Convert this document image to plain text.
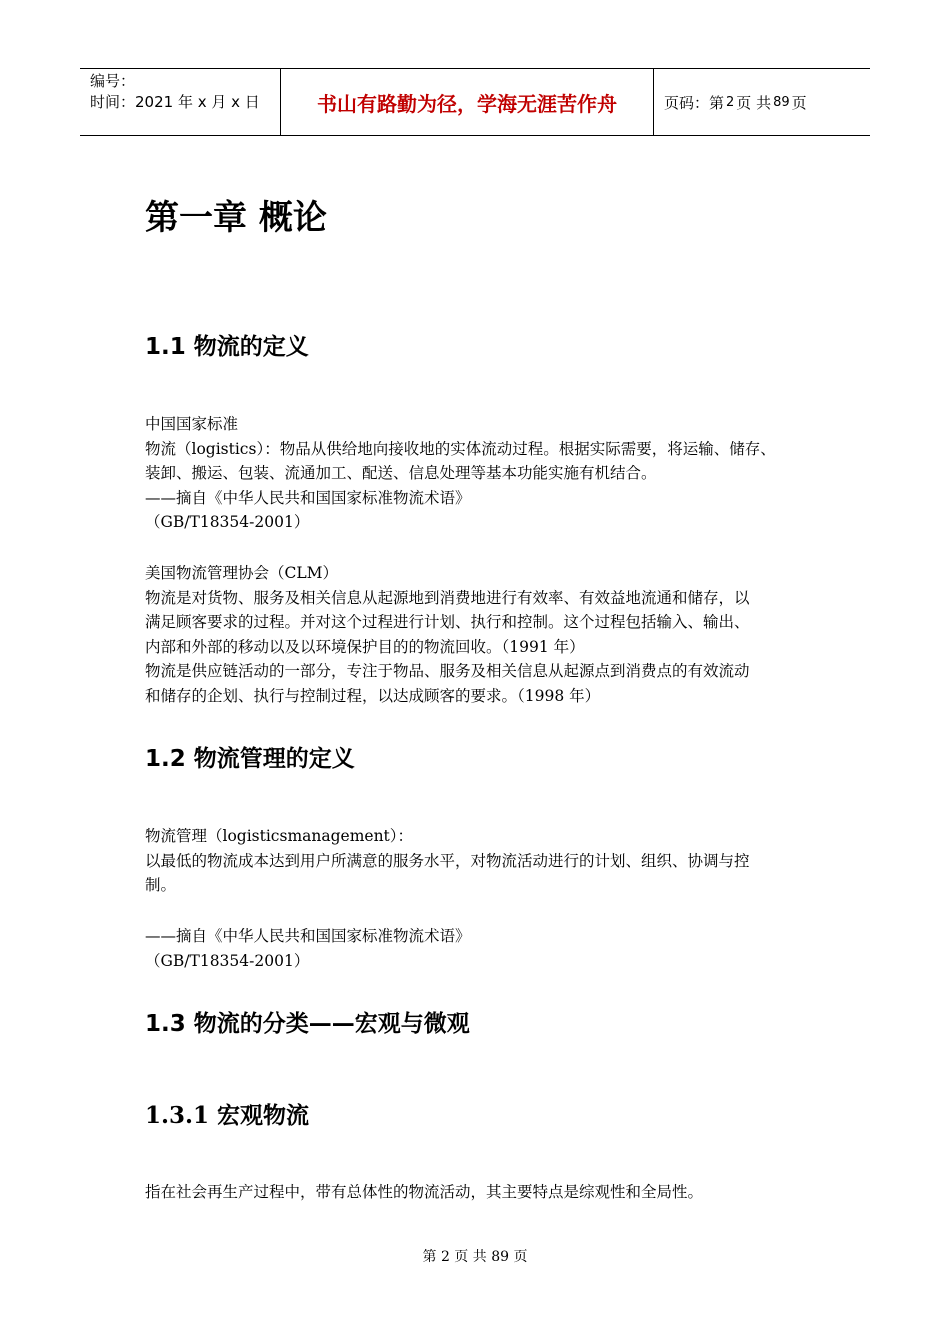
编号：
时间：2021 年 x 月 x 日	书山有路勤为径，学海无涯苦作舟	页码：第 2 页 共 89 页
第一章 概论
1.1 物流的定义
中国国家标准
物流（logistics）：物品从供给地向接收地的实体流动过程。根据实际需要，将运输、储存、
装卸、搬运、包装、流通加工、配送、信息处理等基本功能实施有机结合。
——摘自《中华人民共和国国家标准物流术语》
（GB/T18354-2001）
美国物流管理协会（CLM）
物流是对货物、服务及相关信息从起源地到消费地进行有效率、有效益地流通和储存，以
满足顾客要求的过程。并对这个过程进行计划、执行和控制。这个过程包括输入、输出、
内部和外部的移动以及以环境保护目的的物流回收。（1991 年）
物流是供应链活动的一部分，专注于物品、服务及相关信息从起源点到消费点的有效流动
和储存的企划、执行与控制过程，以达成顾客的要求。（1998 年）
1.2 物流管理的定义
物流管理（logisticsmanagement）：
以最低的物流成本达到用户所满意的服务水平，对物流活动进行的计划、组织、协调与控
制。
——摘自《中华人民共和国国家标准物流术语》
（GB/T18354-2001）
1.3 物流的分类——宏观与微观
1.3.1 宏观物流
指在社会再生产过程中，带有总体性的物流活动，其主要特点是综观性和全局性。
第 2 页 共 89 页
